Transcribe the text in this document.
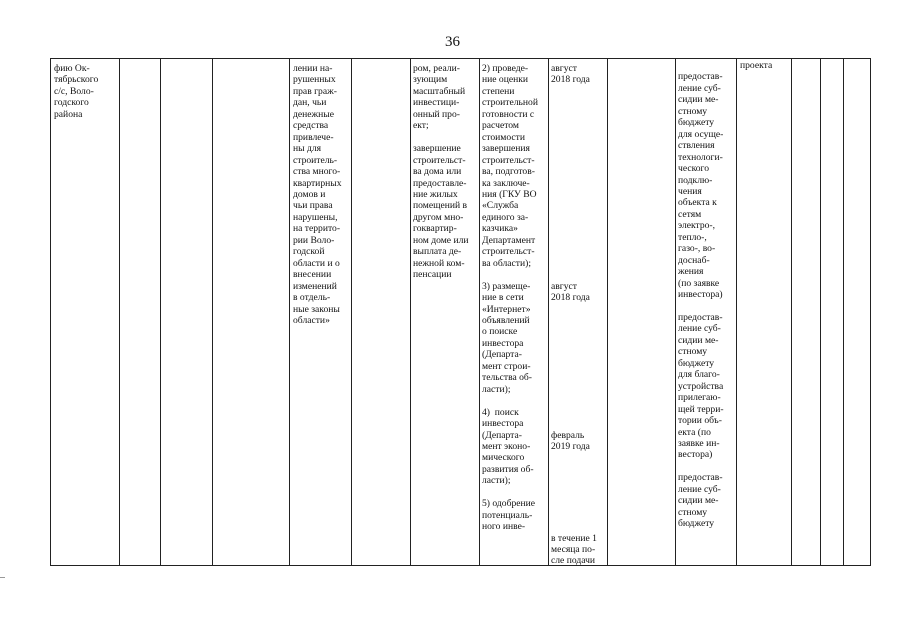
36
фию Ок-
тябрьского
с/с, Воло-
годского
района
лении на-
рушенных
прав граж-
дан, чьи
денежные
средства
привлече-
ны для
строитель-
ства много-
квартирных
домов и
чьи права
нарушены,
на террито-
рии Воло-
годской
области и о
внесении
изменений
в отдель-
ные законы
области»
ром, реали-
зующим
масштабный
инвестици-
онный про-
ект;

завершение
строительст-
ва дома или
предоставле-
ние жилых
помещений в
другом мно-
гоквартир-
ном доме или
выплата де-
нежной ком-
пенсации
2) проведе-
ние оценки
степени
строительной
готовности с
расчетом
стоимости
завершения
строительст-
ва, подготов-
ка заключе-
ния (ГКУ ВО
«Служба
единого за-
казчика»
Департамент
строительст-
ва области);

3) размеще-
ние в сети
«Интернет»
объявлений
о поиске
инвестора
(Департа-
мент строи-
тельства об-
ласти);

4)  поиск
инвестора
(Департа-
мент эконо-
мического
развития об-
ласти);

5) одобрение
потенциаль-
ного инве-
август
2018 года

август
2018 года

февраль
2019 года

в течение 1
месяца по-
сле подачи

предостав-
ление суб-
сидии ме-
стному
бюджету
для осуще-
ствления
технологи-
ческого
подклю-
чения
объекта к
сетям
электро-,
тепло-,
газо-, во-
доснаб-
жения
(по заявке
инвестора)

предостав-
ление суб-
сидии ме-
стному
бюджету
для благо-
устройства
прилегаю-
щей терри-
тории объ-
екта (по
заявке ин-
вестора)

предостав-
ление суб-
сидии ме-
стному
бюджету
проекта
